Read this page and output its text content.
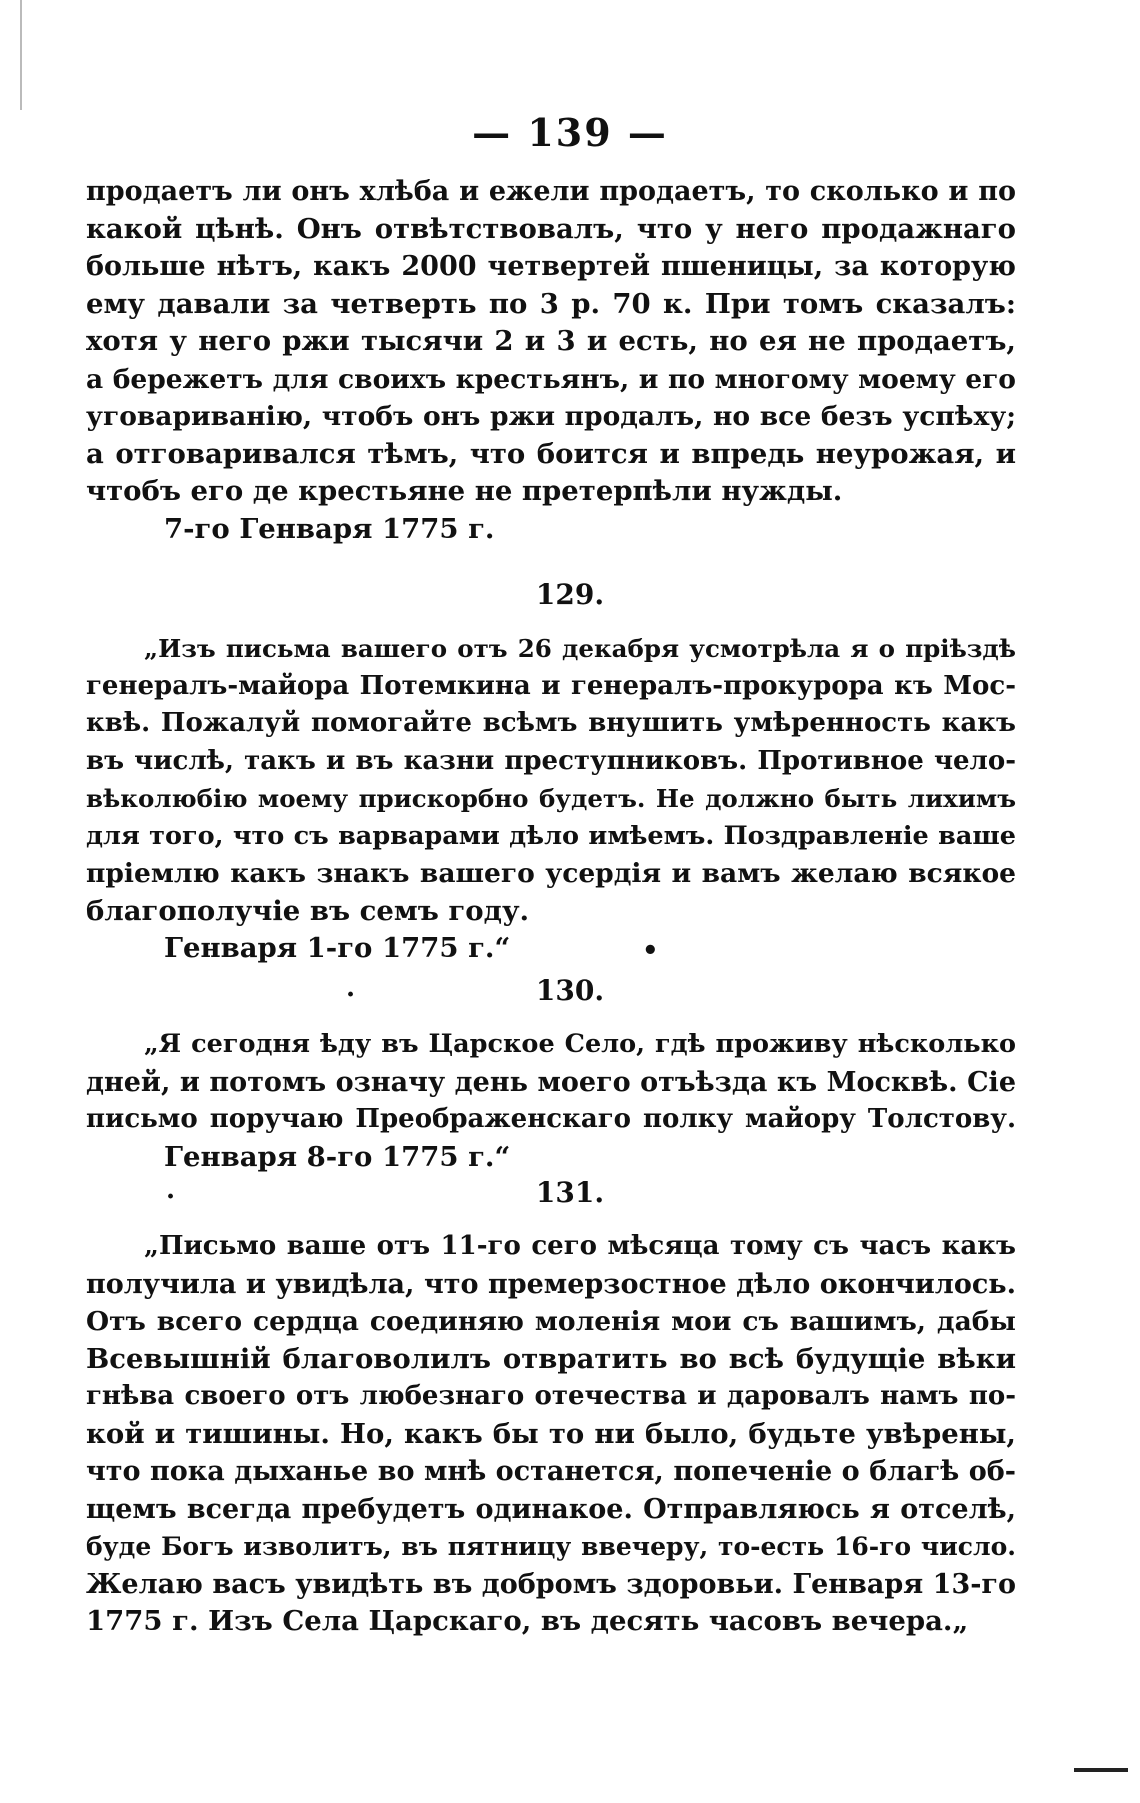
— 139 —
продаетъ ли онъ хлѣба и ежели продаетъ, то сколько и по
какой цѣнѣ. Онъ отвѣтствовалъ, что у него продажнаго
больше нѣтъ, какъ 2000 четвертей пшеницы, за которую
ему давали за четверть по 3 р. 70 к. При томъ сказалъ:
хотя у него ржи тысячи 2 и 3 и есть, но ея не продаетъ,
а бережетъ для своихъ крестьянъ, и по многому моему его
уговариванiю, чтобъ онъ ржи продалъ, но все безъ успѣху;
а отговаривался тѣмъ, что боится и впредь неурожая, и
чтобъ его де крестьяне не претерпѣли нужды.
7-го Генваря 1775 г.
129.
„Изъ письма вашего отъ 26 декабря усмотрѣла я о прiѣздѣ
генералъ-майора Потемкина и генералъ-прокурора къ Мос-
квѣ. Пожалуй помогайте всѣмъ внушить умѣренность какъ
въ числѣ, такъ и въ казни преступниковъ. Противное чело-
вѣколюбiю моему прискорбно будетъ. Не должно быть лихимъ
для того, что съ варварами дѣло имѣемъ. Поздравленiе ваше
прiемлю какъ знакъ вашего усердiя и вамъ желаю всякое
благополучiе въ семъ году.
Генваря 1-го 1775 г.“	•
·	130.
„Я сегодня ѣду въ Царское Село, гдѣ проживу нѣсколько
дней, и потомъ означу день моего отъѣзда къ Москвѣ. Сiе
письмо поручаю Преображенскаго полку майору Толстову.
Генваря 8-го 1775 г.“
·	131.
„Письмо ваше отъ 11-го сего мѣсяца тому съ часъ какъ
получила и увидѣла, что премерзостное дѣло окончилось.
Отъ всего сердца соединяю моленiя мои съ вашимъ, дабы
Всевышнiй благоволилъ отвратить во всѣ будущiе вѣки
гнѣва своего отъ любезнаго отечества и даровалъ намъ по-
кой и тишины. Но, какъ бы то ни было, будьте увѣрены,
что пока дыханье во мнѣ останется, попеченiе о благѣ об-
щемъ всегда пребудетъ одинакое. Отправляюсь я отселѣ,
буде Богъ изволитъ, въ пятницу ввечеру, то-есть 16-го число.
Желаю васъ увидѣть въ добромъ здоровьи. Генваря 13-го
1775 г. Изъ Села Царскаго, въ десять часовъ вечера.„
